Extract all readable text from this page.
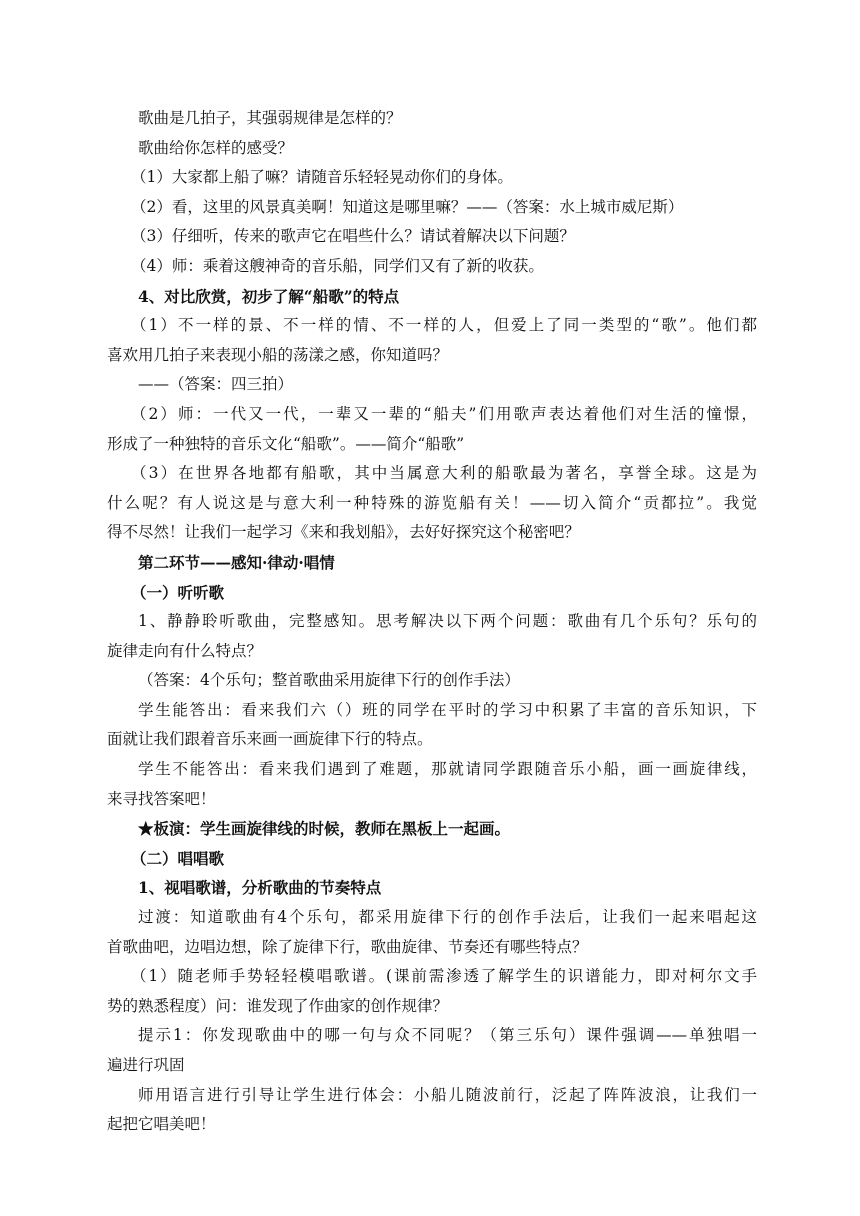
歌曲是几拍子，其强弱规律是怎样的？
歌曲给你怎样的感受？
（1）大家都上船了嘛？请随音乐轻轻晃动你们的身体。
（2）看，这里的风景真美啊！知道这是哪里嘛？——（答案：水上城市威尼斯）
（3）仔细听，传来的歌声它在唱些什么？请试着解决以下问题？
（4）师：乘着这艘神奇的音乐船，同学们又有了新的收获。
4、对比欣赏，初步了解“船歌”的特点
（1）不一样的景、不一样的情、不一样的人，但爱上了同一类型的“歌”。他们都
喜欢用几拍子来表现小船的荡漾之感，你知道吗？
——（答案：四三拍）
（2）师：一代又一代，一辈又一辈的“船夫”们用歌声表达着他们对生活的憧憬，
形成了一种独特的音乐文化“船歌”。——简介“船歌”
（3）在世界各地都有船歌，其中当属意大利的船歌最为著名，享誉全球。这是为
什么呢？有人说这是与意大利一种特殊的游览船有关！——切入简介“贡都拉”。我觉
得不尽然！让我们一起学习《来和我划船》，去好好探究这个秘密吧？
第二环节——感知·律动·唱情
（一）听听歌
1、静静聆听歌曲，完整感知。思考解决以下两个问题：歌曲有几个乐句？乐句的
旋律走向有什么特点？
（答案：4个乐句；整首歌曲采用旋律下行的创作手法）
学生能答出：看来我们六（）班的同学在平时的学习中积累了丰富的音乐知识，下
面就让我们跟着音乐来画一画旋律下行的特点。
学生不能答出：看来我们遇到了难题，那就请同学跟随音乐小船，画一画旋律线，
来寻找答案吧！
★板演：学生画旋律线的时候，教师在黑板上一起画。
（二）唱唱歌
1、视唱歌谱，分析歌曲的节奏特点
过渡：知道歌曲有4个乐句，都采用旋律下行的创作手法后，让我们一起来唱起这
首歌曲吧，边唱边想，除了旋律下行，歌曲旋律、节奏还有哪些特点？
（1）随老师手势轻轻模唱歌谱。(课前需渗透了解学生的识谱能力，即对柯尔文手
势的熟悉程度）问：谁发现了作曲家的创作规律？
提示1：你发现歌曲中的哪一句与众不同呢？（第三乐句）课件强调——单独唱一
遍进行巩固
师用语言进行引导让学生进行体会：小船儿随波前行，泛起了阵阵波浪，让我们一
起把它唱美吧！
